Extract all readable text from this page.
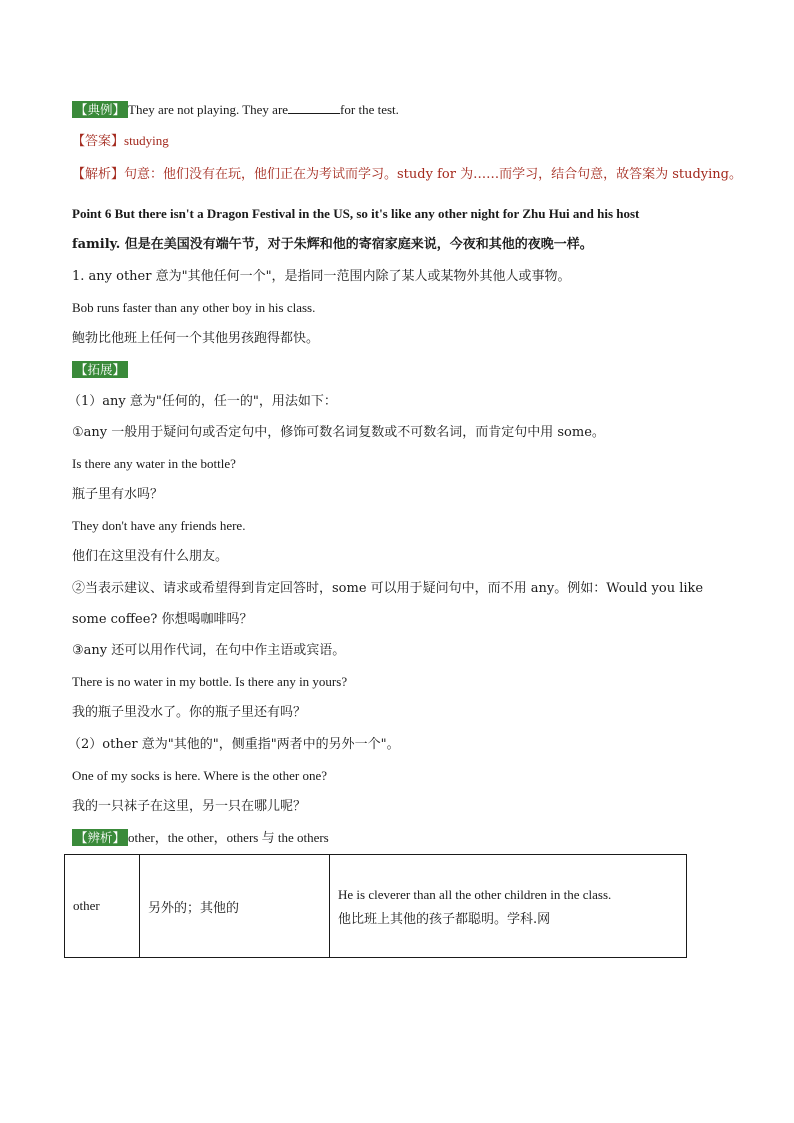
【典例】 They are not playing. They are	for the test.
【答案】studying
【解析】句意：他们没有在玩，他们正在为考试而学习。study for 为……而学习，结合句意，故答案为 studying。
Point 6 But there isn't a Dragon Festival in the US, so it's like any other night for Zhu Hui and his host
family. 但是在美国没有端午节，对于朱辉和他的寄宿家庭来说，今夜和其他的夜晚一样。
1. any other 意为"其他任何一个"，是指同一范围内除了某人或某物外其他人或事物。
Bob runs faster than any other boy in his class.
鲍勃比他班上任何一个其他男孩跑得都快。
【拓展】
（1）any 意为"任何的，任一的"，用法如下：
①any 一般用于疑问句或否定句中，修饰可数名词复数或不可数名词，而肯定句中用 some。
Is there any water in the bottle?
瓶子里有水吗？
They don't have any friends here.
他们在这里没有什么朋友。
②当表示建议、请求或希望得到肯定回答时，some 可以用于疑问句中，而不用 any。例如：Would you like
some coffee? 你想喝咖啡吗？
③any 还可以用作代词，在句中作主语或宾语。
There is no water in my bottle. Is there any in yours?
我的瓶子里没水了。你的瓶子里还有吗？
（2）other 意为"其他的"，侧重指"两者中的另外一个"。
One of my socks is here. Where is the other one?
我的一只袜子在这里，另一只在哪儿呢？
【辨析】 other，the other，others 与 the others
other	另外的；其他的	
He is cleverer than all the other children in the class.
他比班上其他的孩子都聪明。学科.网
